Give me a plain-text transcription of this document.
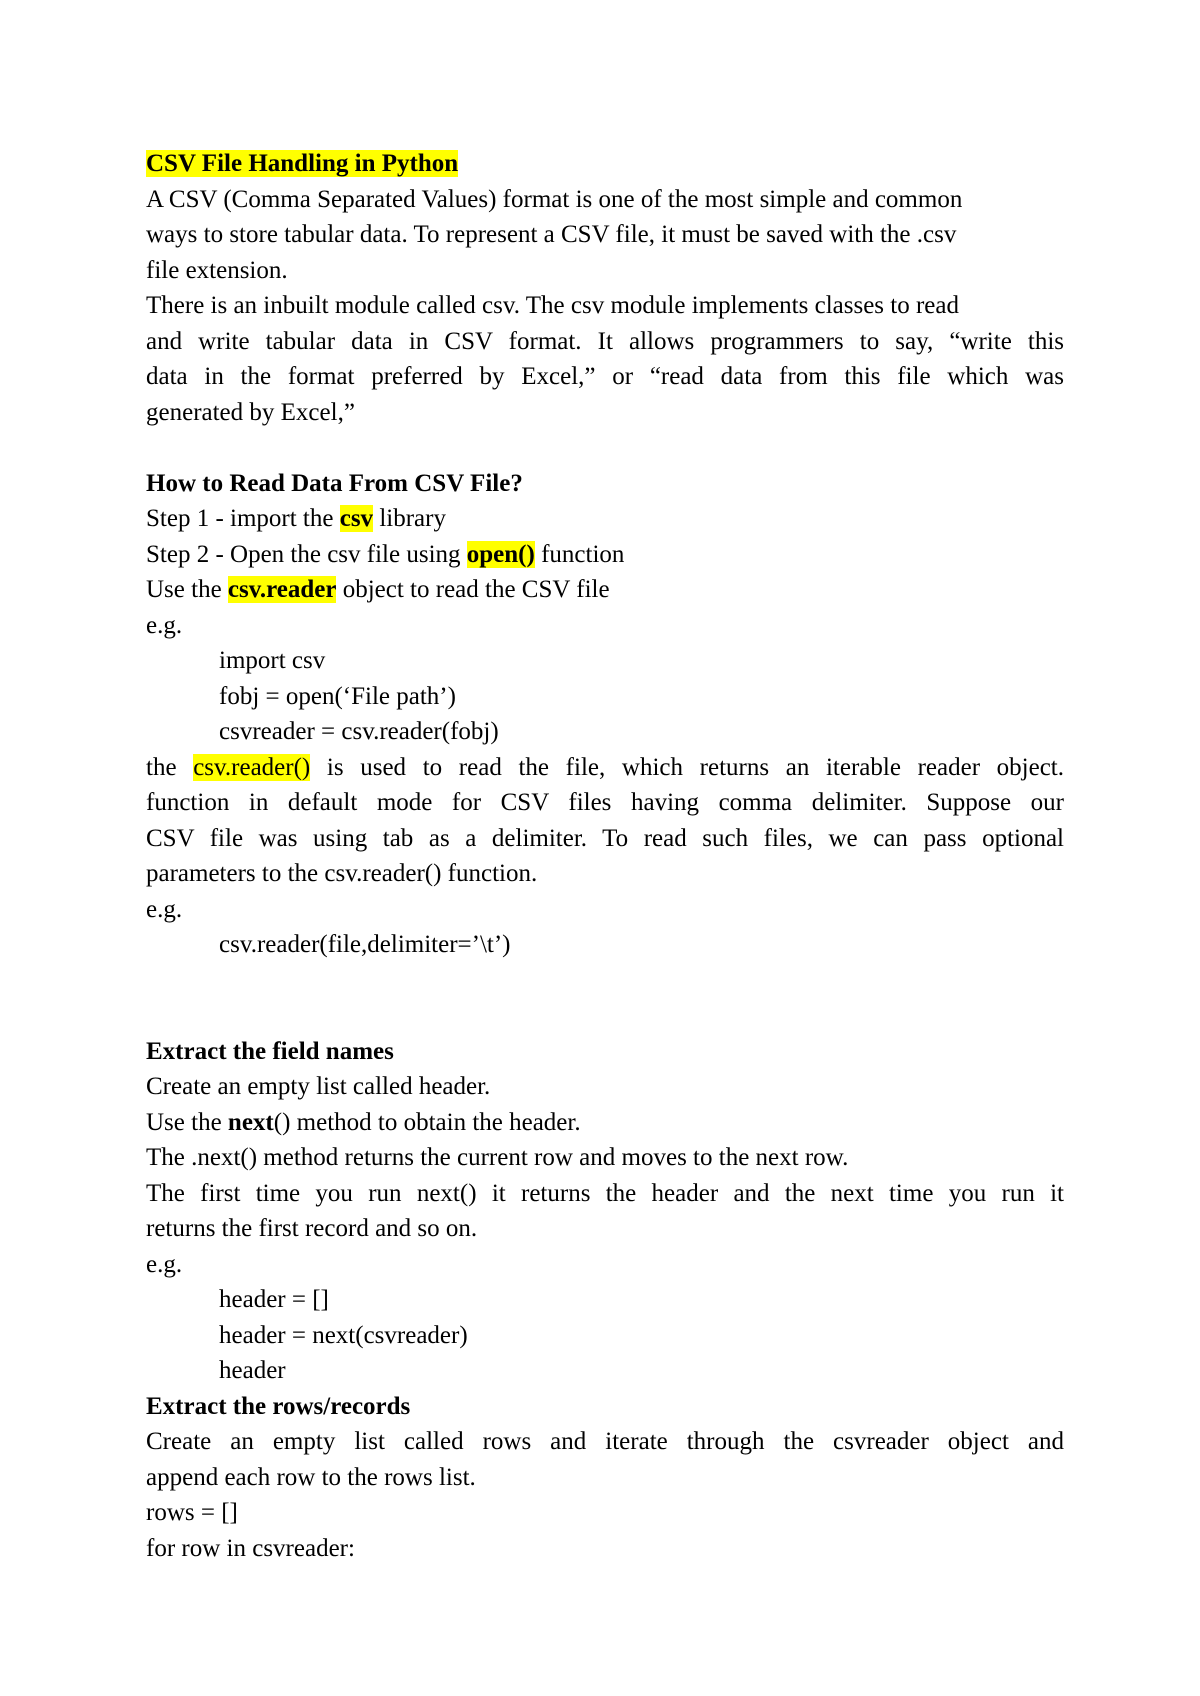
CSV File Handling in Python
A CSV (Comma Separated Values) format is one of the most simple and common
ways to store tabular data. To represent a CSV file, it must be saved with the .csv
file extension.
There is an inbuilt module called csv. The csv module implements classes to read
and write tabular data in CSV format. It allows programmers to say, “write this
data in the format preferred by Excel,” or “read data from this file which was
generated by Excel,”
How to Read Data From CSV File?
Step 1 - import the csv library
Step 2 - Open the csv file using open() function
Use the csv.reader object to read the CSV file
e.g.
import csv
fobj = open(‘File path’)
csvreader = csv.reader(fobj)
the csv.reader() is used to read the file, which returns an iterable reader object.
function in default mode for CSV files having comma delimiter. Suppose our
CSV file was using tab as a delimiter. To read such files, we can pass optional
parameters to the csv.reader() function.
e.g.
csv.reader(file,delimiter=’\t’)
Extract the field names
Create an empty list called header.
Use the next() method to obtain the header.
The .next() method returns the current row and moves to the next row.
The first time you run next() it returns the header and the next time you run it
returns the first record and so on.
e.g.
header = []
header = next(csvreader)
header
Extract the rows/records
Create an empty list called rows and iterate through the csvreader object and
append each row to the rows list.
rows = []
for row in csvreader:
